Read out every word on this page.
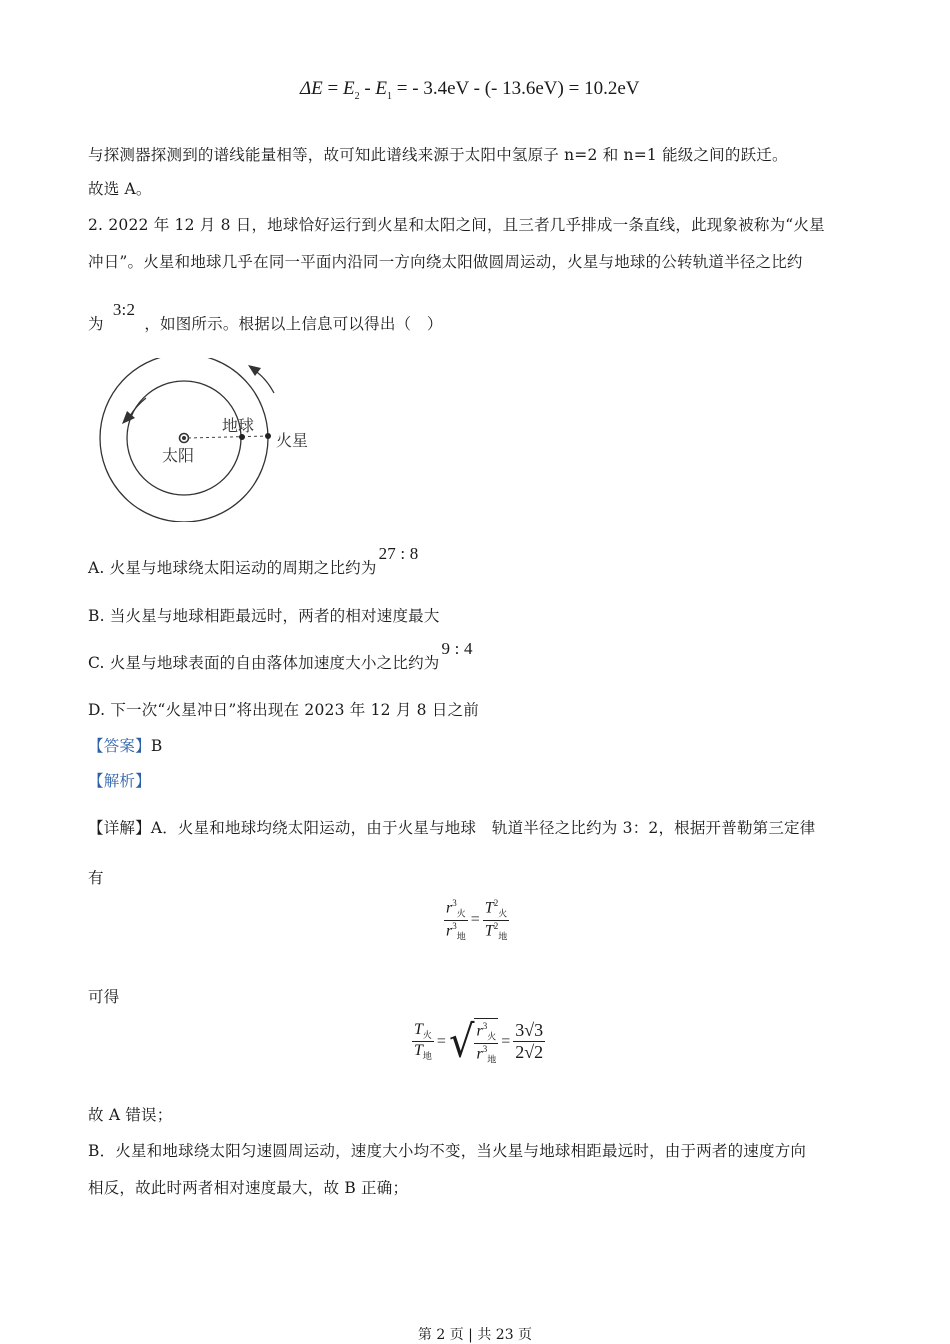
$\Delta E = E_2 - E_1$ = - 3.4eV - (- 13.6eV) = 10.2eV
与探测器探测到的谱线能量相等，故可知此谱线来源于太阳中氢原子 n=2 和 n=1 能级之间的跃迁。
故选 A。
2. 2022 年 12 月 8 日，地球恰好运行到火星和太阳之间，且三者几乎排成一条直线，此现象被称为“火星
冲日”。火星和地球几乎在同一平面内沿同一方向绕太阳做圆周运动，火星与地球的公转轨道半径之比约
为 3:2 ，如图所示。根据以上信息可以得出（　）
地球
火星
太阳
A. 火星与地球绕太阳运动的周期之比约为27 : 8
B. 当火星与地球相距最远时，两者的相对速度最大
C. 火星与地球表面的自由落体加速度大小之比约为9 : 4
D. 下一次“火星冲日”将出现在 2023 年 12 月 8 日之前
【答案】B
【解析】
【详解】A．火星和地球均绕太阳运动，由于火星与地球　轨道半径之比约为 3：2，根据开普勒第三定律
有
$\frac{r^3_火}{r^3_地} = \frac{T^2_火}{T^2_地}$
可得
$\frac{T_火}{T_地}$ = √ $\frac{r^3_火}{r^3_地} = \frac{3√3}{2√2}$
故 A 错误；
B．火星和地球绕太阳匀速圆周运动，速度大小均不变，当火星与地球相距最远时，由于两者的速度方向
相反，故此时两者相对速度最大，故 B 正确；
第 2 页 | 共 23 页
